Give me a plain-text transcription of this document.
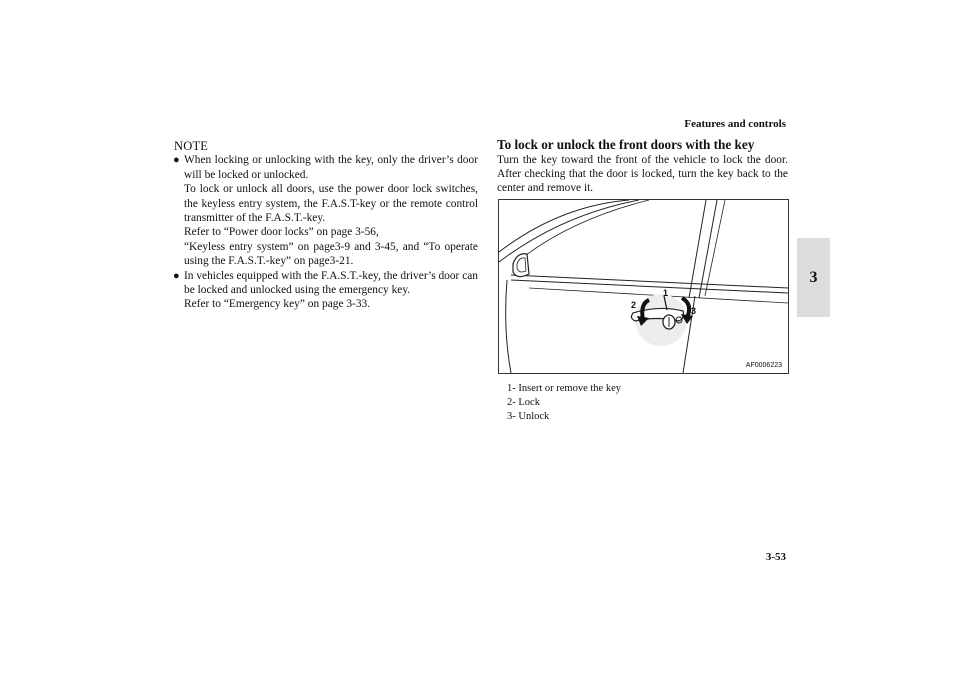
Features and controls
3
NOTE
● When locking or unlocking with the key, only the driver’s door will be locked or unlocked.

To lock or unlock all doors, use the power door lock switches, the keyless entry system, the F.A.S.T-key or the remote control transmitter of the F.A.S.T.-key.

Refer to “Power door locks” on page 3-56,

“Keyless entry system” on page3-9 and 3-45, and “To operate using the F.A.S.T.-key” on page3-21.

● In vehicles equipped with the F.A.S.T.-key, the driver’s door can be locked and unlocked using the emergency key.

Refer to “Emergency key” on page 3-33.

To lock or unlock the front doors with the key

Turn the key toward the front of the vehicle to lock the door. After checking that the door is locked, turn the key back to the center and remove it.

1
2
3
AF0006223
1- Insert or remove the key
2- Lock
3- Unlock
3-53
